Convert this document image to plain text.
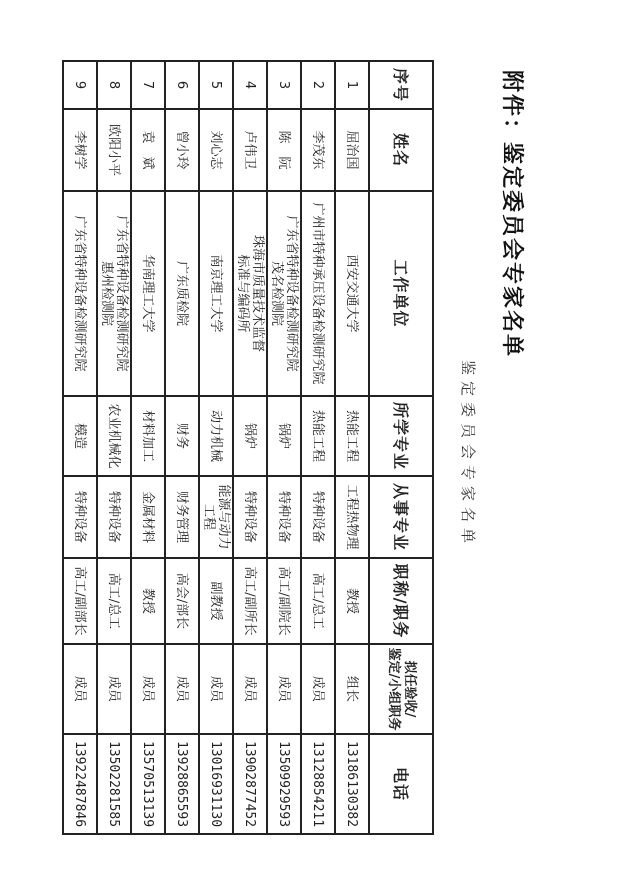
附件：鉴定委员会专家名单
鉴定委员会专家名单
序号	姓名	工作单位	所学专业	从事专业	职称/职务	拟任验收/
鉴定/小组职务	电话
1	屈治国	西安交通大学	热能工程	工程热物理	教授	组长	13186130382
2	李茂东	广州市特种承压设备检测研究院	热能工程	特种设备	高工/总工	成员	13128854211
3	陈　阮	广东省特种设备检测研究院
茂名检测院	锅炉	特种设备	高工/副院长	成员	13509929593
4	卢伟卫	珠海市质量技术监督
标准与编码所	锅炉	特种设备	高工/副所长	成员	13902877452
5	刘心志	南京理工大学	动力机械	能源与动力工程	副教授	成员	13016931130
6	曾小玲	广东质检院	财务	财务管理	高会/部长	成员	13928865593
7	袁　斌	华南理工大学	材料加工	金属材料	教授	成员	13570513139
8	欧阳小平	广东省特种设备检测研究院
惠州检测院	农业机械化	特种设备	高工/总工	成员	13502281585
9	李树学	广东省特种设备检测研究院	模造	特种设备	高工/副部长	成员	13922487846
